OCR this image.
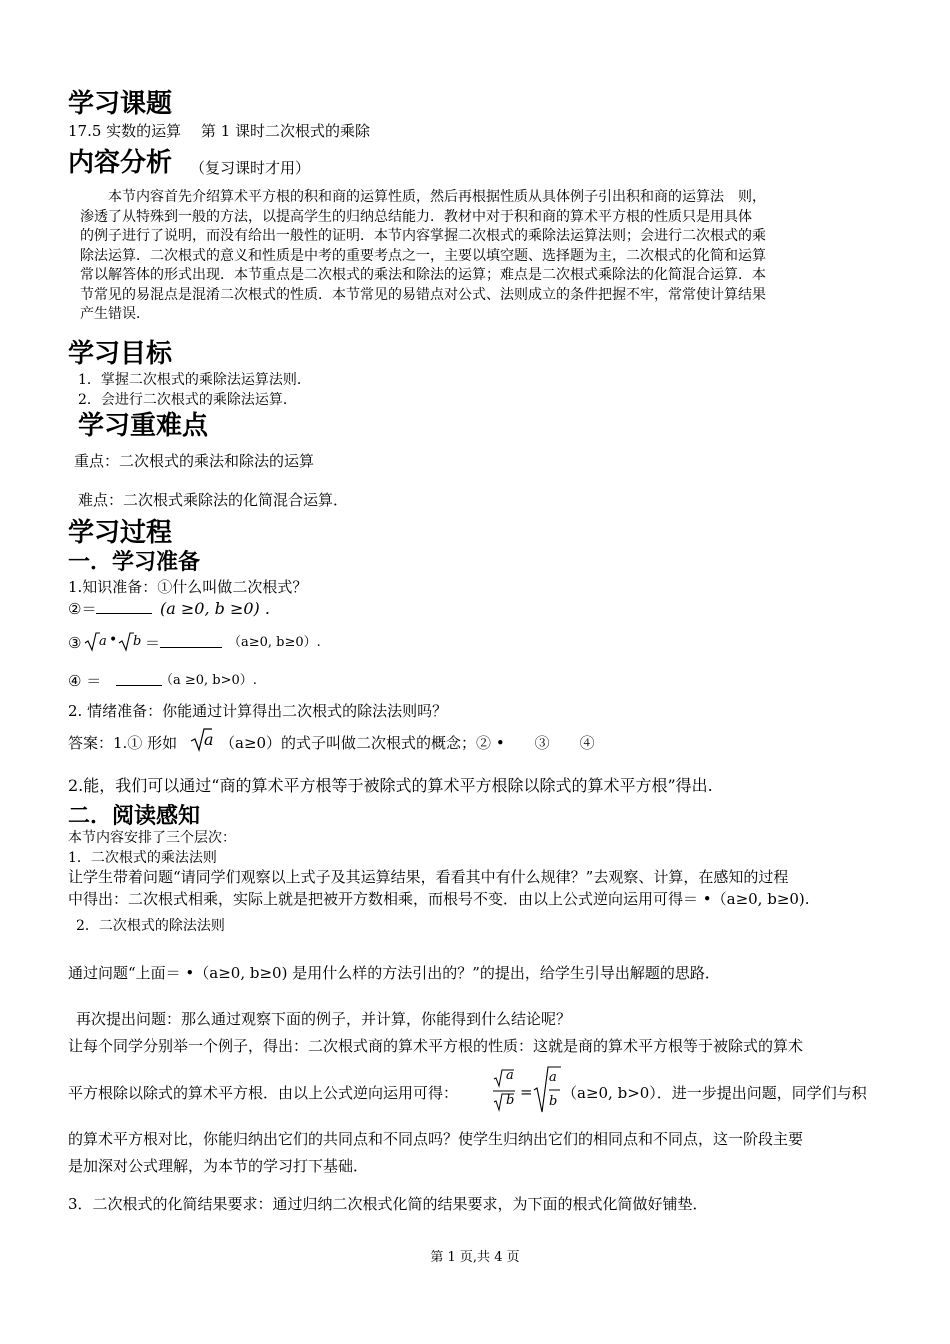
学习课题
17.5 实数的运算　 第 1 课时二次根式的乘除
内容分析 （复习课时才用）
本节内容首先介绍算术平方根的积和商的运算性质，然后再根据性质从具体例子引出积和商的运算法　则，
渗透了从特殊到一般的方法，以提高学生的归纳总结能力．教材中对于积和商的算术平方根的性质只是用具体
的例子进行了说明，而没有给出一般性的证明．本节内容掌握二次根式的乘除法运算法则；会进行二次根式的乘
除法运算．二次根式的意义和性质是中考的重要考点之一，主要以填空题、选择题为主，二次根式的化简和运算
常以解答体的形式出现．本节重点是二次根式的乘法和除法的运算；难点是二次根式乘除法的化简混合运算．本
节常见的易混点是混淆二次根式的性质．本节常见的易错点对公式、法则成立的条件把握不牢，常常使计算结果
产生错误．
学习目标
1．掌握二次根式的乘除法运算法则．
2．会进行二次根式的乘除法运算．
学习重难点
重点：二次根式的乘法和除法的运算
难点：二次根式乘除法的化简混合运算．
学习过程
一．学习准备
1.知识准备：①什么叫做二次根式？
②＝	(a ≥0, b ≥0) .
③ a • b ＝	（a≥0, b≥0）.
④ ＝　	（a ≥0, b>0）.
2. 情绪准备：你能通过计算得出二次根式的除法法则吗？
答案：1.① 形如 a （a≥0）的式子叫做二次根式的概念；② •　　③　　④
2.能，我们可以通过“商的算术平方根等于被除式的算术平方根除以除式的算术平方根”得出.
二．阅读感知
本节内容安排了三个层次：
1．二次根式的乘法法则
让学生带着问题“请同学们观察以上式子及其运算结果，看看其中有什么规律？”去观察、计算，在感知的过程
中得出：二次根式相乘，实际上就是把被开方数相乘，而根号不变．由以上公式逆向运用可得＝ •（a≥0, b≥0).
2．二次根式的除法法则
通过问题“上面＝ •（a≥0, b≥0) 是用什么样的方法引出的？”的提出，给学生引导出解题的思路．
再次提出问题：那么通过观察下面的例子，并计算，你能得到什么结论呢？
让每个同学分别举一个例子，得出：二次根式商的算术平方根的性质：这就是商的算术平方根等于被除式的算术
平方根除以除式的算术平方根．由以上公式逆向运用可得：
a
b =
a
b （a≥0, b>0）．进一步提出问题，同学们与积
的算术平方根对比，你能归纳出它们的共同点和不同点吗？使学生归纳出它们的相同点和不同点，这一阶段主要
是加深对公式理解，为本节的学习打下基础．
3．二次根式的化简结果要求：通过归纳二次根式化简的结果要求，为下面的根式化简做好铺垫．
第 1 页,共 4 页
